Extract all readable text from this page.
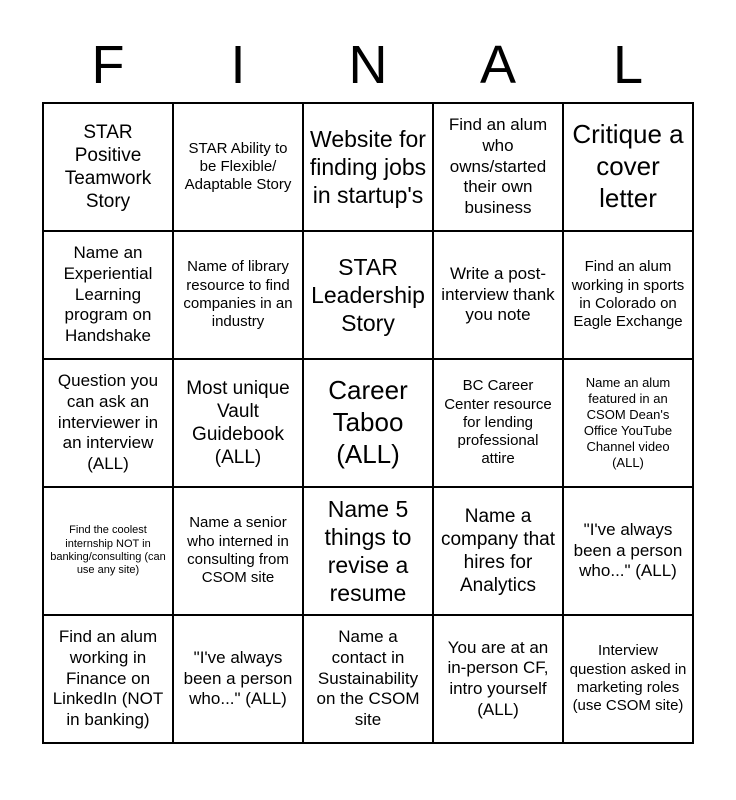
F	I	N	A	L
STAR Positive Teamwork Story	STAR Ability to be Flexible/ Adaptable Story	Website for finding jobs in startup's	Find an alum who owns/started their own business	Critique a cover letter
Name an Experiential Learning program on Handshake	Name of library resource to find companies in an industry	STAR Leadership Story	Write a post-interview thank you note	Find an alum working in sports in Colorado on Eagle Exchange
Question you can ask an interviewer in an interview (ALL)	Most unique Vault Guidebook (ALL)	Career Taboo (ALL)	BC Career Center resource for lending professional attire	Name an alum featured in an CSOM Dean's Office YouTube Channel video (ALL)
Find the coolest internship NOT in banking/consulting (can use any site)	Name a senior who interned in consulting from CSOM site	Name 5 things to revise a resume	Name a company that hires for Analytics	"I've always been a person who..." (ALL)
Find an alum working in Finance on LinkedIn (NOT in banking)	"I've always been a person who..." (ALL)	Name a contact in Sustainability on the CSOM site	You are at an in-person CF, intro yourself (ALL)	Interview question asked in marketing roles (use CSOM site)
